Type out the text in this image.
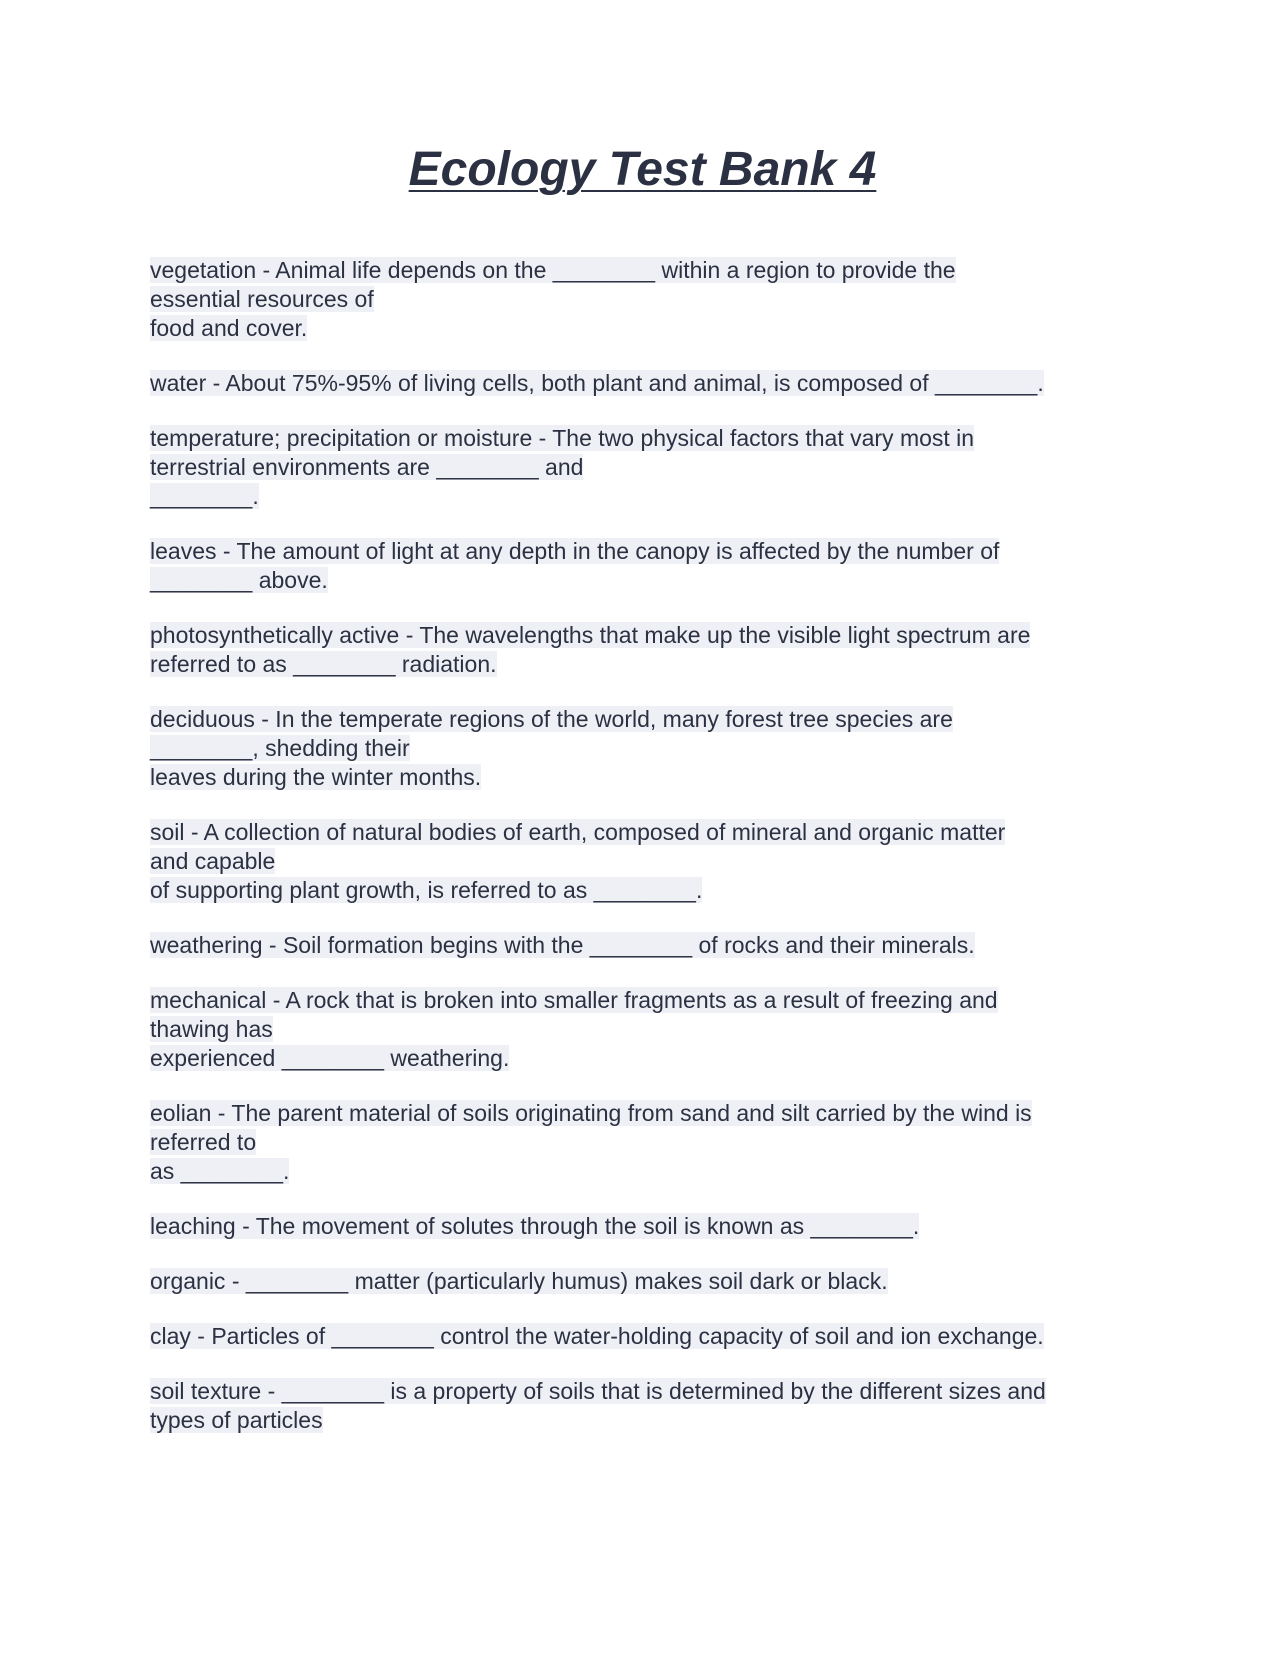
Ecology Test Bank 4
vegetation - Animal life depends on the ________ within a region to provide the
essential resources of
food and cover.
water - About 75%-95% of living cells, both plant and animal, is composed of ________.
temperature; precipitation or moisture - The two physical factors that vary most in
terrestrial environments are ________ and
________.
leaves - The amount of light at any depth in the canopy is affected by the number of
________ above.
photosynthetically active - The wavelengths that make up the visible light spectrum are
referred to as ________ radiation.
deciduous - In the temperate regions of the world, many forest tree species are
________, shedding their
leaves during the winter months.
soil - A collection of natural bodies of earth, composed of mineral and organic matter
and capable
of supporting plant growth, is referred to as ________.
weathering - Soil formation begins with the ________ of rocks and their minerals.
mechanical - A rock that is broken into smaller fragments as a result of freezing and
thawing has
experienced ________ weathering.
eolian - The parent material of soils originating from sand and silt carried by the wind is
referred to
as ________.
leaching - The movement of solutes through the soil is known as ________.
organic - ________ matter (particularly humus) makes soil dark or black.
clay - Particles of ________ control the water-holding capacity of soil and ion exchange.
soil texture - ________ is a property of soils that is determined by the different sizes and
types of particles
